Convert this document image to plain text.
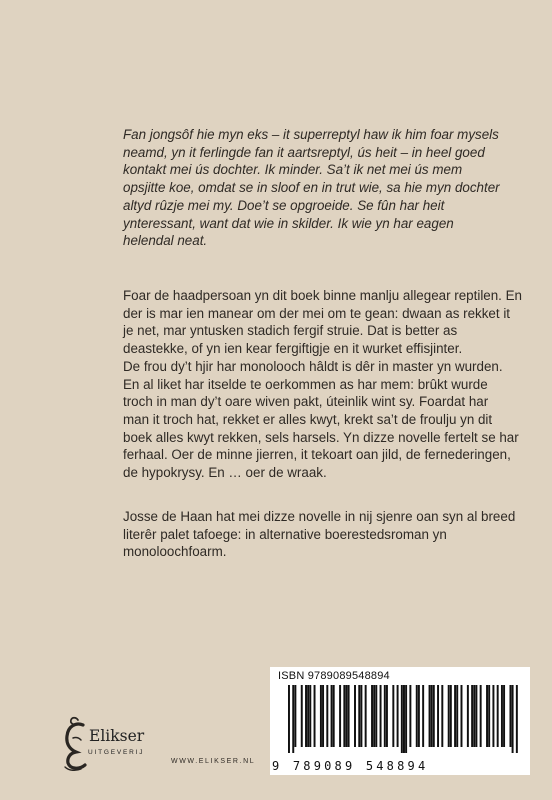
Fan jongsôf hie myn eks – it superreptyl haw ik him foar mysels
neamd, yn it ferlingde fan it aartsreptyl, ús heit – in heel goed
kontakt mei ús dochter. Ik minder. Sa’t ik net mei ús mem
opsjitte koe, omdat se in sloof en in trut wie, sa hie myn dochter
altyd rûzje mei my. Doe’t se opgroeide. Se fûn har heit
ynteressant, want dat wie in skilder. Ik wie yn har eagen
helendal neat.

Foar de haadpersoan yn dit boek binne manlju allegear reptilen. En
der is mar ien manear om der mei om te gean: dwaan as rekket it
je net, mar yntusken stadich fergif struie. Dat is better as
deastekke, of yn ien kear fergiftigje en it wurket effisjinter.
De frou dy’t hjir har monolooch hâldt is dêr in master yn wurden.
En al liket har itselde te oerkommen as har mem: brûkt wurde
troch in man dy’t oare wiven pakt, úteinlik wint sy. Foardat har
man it troch hat, rekket er alles kwyt, krekt sa’t de froulju yn dit
boek alles kwyt rekken, sels harsels. Yn dizze novelle fertelt se har
ferhaal. Oer de minne jierren, it tekoart oan jild, de fernederingen,
de hypokrysy. En … oer de wraak.

Josse de Haan hat mei dizze novelle in nij sjenre oan syn al breed
literêr palet tafoege: in alternative boerestedsroman yn
monoloochfoarm.

Elikser
UITGEVERIJ
WWW.ELIKSER.NL
ISBN 9789089548894
9 789089 548894
